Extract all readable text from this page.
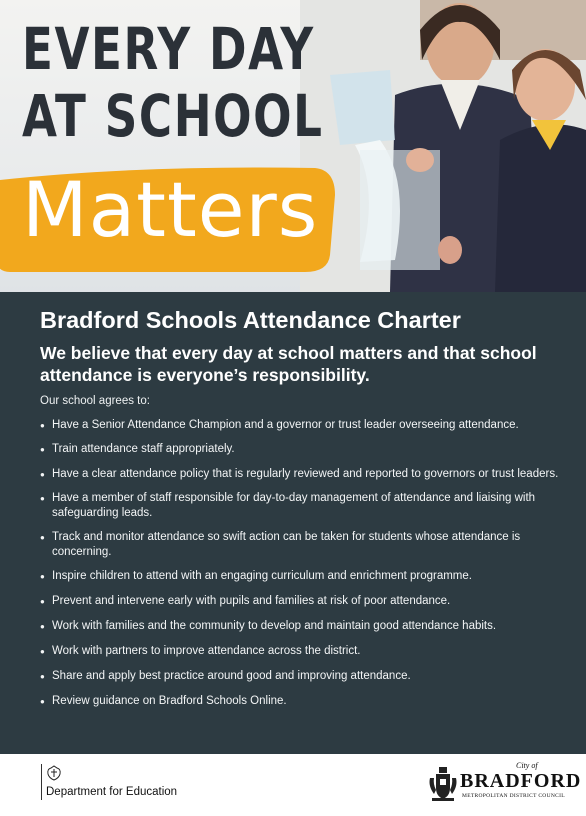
EVERY DAY
AT SCHOOL
Matters
Bradford Schools Attendance Charter
We believe that every day at school matters and that school attendance is everyone’s responsibility.
Our school agrees to:
● Have a Senior Attendance Champion and a governor or trust leader overseeing attendance.
● Train attendance staff appropriately.
● Have a clear attendance policy that is regularly reviewed and reported to governors or trust leaders.
● Have a member of staff responsible for day-to-day management of attendance and liaising with safeguarding leads.
● Track and monitor attendance so swift action can be taken for students whose attendance is concerning.
● Inspire children to attend with an engaging curriculum and enrichment programme.
● Prevent and intervene early with pupils and families at risk of poor attendance.
● Work with families and the community to develop and maintain good attendance habits.
● Work with partners to improve attendance across the district.
● Share and apply best practice around good and improving attendance.
● Review guidance on Bradford Schools Online.
Department for Education
City of
BRADFORD
METROPOLITAN DISTRICT COUNCIL
